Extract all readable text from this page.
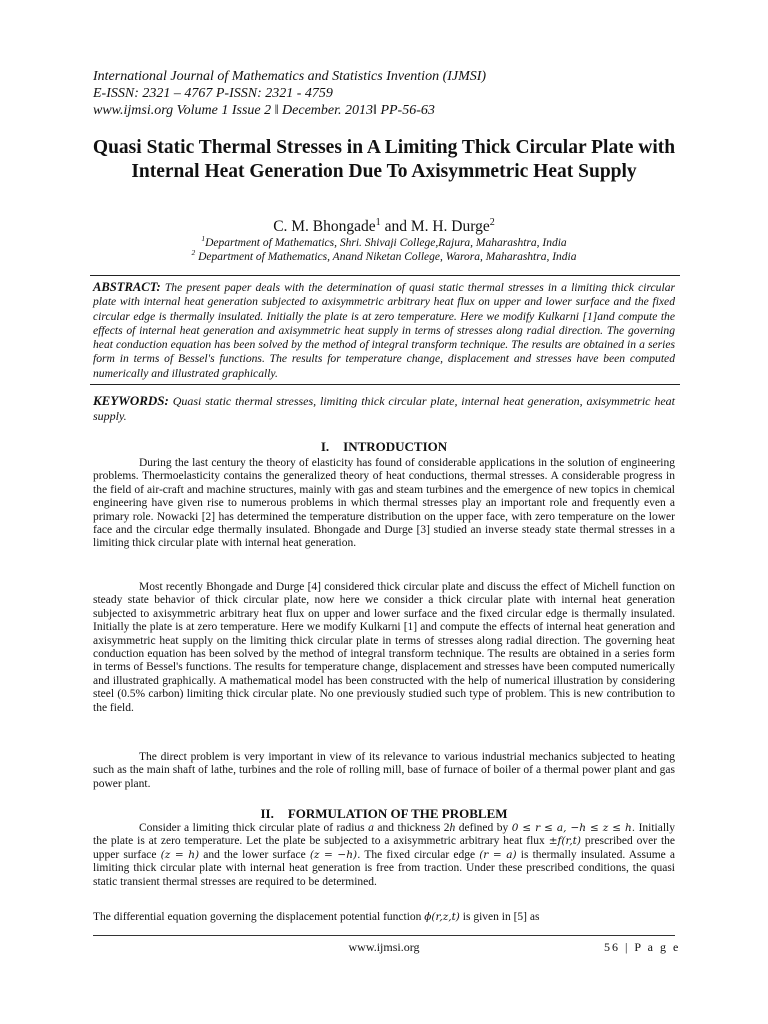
International Journal of Mathematics and Statistics Invention (IJMSI)
E-ISSN: 2321 – 4767 P-ISSN: 2321 - 4759
www.ijmsi.org Volume 1 Issue 2 ǁ December. 2013ǁ PP-56-63
Quasi Static Thermal Stresses in A Limiting Thick Circular Plate with Internal Heat Generation Due To Axisymmetric Heat Supply
C. M. Bhongade$^1$ and M. H. Durge$^2$
$^1$Department of Mathematics, Shri. Shivaji College,Rajura, Maharashtra, India
$^2$ Department of Mathematics, Anand Niketan College, Warora, Maharashtra, India
ABSTRACT: The present paper deals with the determination of quasi static thermal stresses in a limiting thick circular plate with internal heat generation subjected to axisymmetric arbitrary heat flux on upper and lower surface and the fixed circular edge is thermally insulated. Initially the plate is at zero temperature. Here we modify Kulkarni [1]and compute the effects of internal heat generation and axisymmetric heat supply in terms of stresses along radial direction. The governing heat conduction equation has been solved by the method of integral transform technique. The results are obtained in a series form in terms of Bessel's functions. The results for temperature change, displacement and stresses have been computed numerically and illustrated graphically.
KEYWORDS: Quasi static thermal stresses, limiting thick circular plate, internal heat generation, axisymmetric heat supply.
I. INTRODUCTION
During the last century the theory of elasticity has found of considerable applications in the solution of engineering problems. Thermoelasticity contains the generalized theory of heat conductions, thermal stresses. A considerable progress in the field of air-craft and machine structures, mainly with gas and steam turbines and the emergence of new topics in chemical engineering have given rise to numerous problems in which thermal stresses play an important role and frequently even a primary role. Nowacki [2] has determined the temperature distribution on the upper face, with zero temperature on the lower face and the circular edge thermally insulated. Bhongade and Durge [3] studied an inverse steady state thermal stresses in a limiting thick circular plate with internal heat generation.
Most recently Bhongade and Durge [4] considered thick circular plate and discuss the effect of Michell function on steady state behavior of thick circular plate, now here we consider a thick circular plate with internal heat generation subjected to axisymmetric arbitrary heat flux on upper and lower surface and the fixed circular edge is thermally insulated. Initially the plate is at zero temperature. Here we modify Kulkarni [1] and compute the effects of internal heat generation and axisymmetric heat supply on the limiting thick circular plate in terms of stresses along radial direction. The governing heat conduction equation has been solved by the method of integral transform technique. The results are obtained in a series form in terms of Bessel's functions. The results for temperature change, displacement and stresses have been computed numerically and illustrated graphically. A mathematical model has been constructed with the help of numerical illustration by considering steel (0.5% carbon) limiting thick circular plate. No one previously studied such type of problem. This is new contribution to the field.
The direct problem is very important in view of its relevance to various industrial mechanics subjected to heating such as the main shaft of lathe, turbines and the role of rolling mill, base of furnace of boiler of a thermal power plant and gas power plant.
II. FORMULATION OF THE PROBLEM
Consider a limiting thick circular plate of radius a and thickness 2h defined by 0 ≤ r ≤ a, −h ≤ z ≤ h. Initially the plate is at zero temperature. Let the plate be subjected to a axisymmetric arbitrary heat flux ±f(r,t) prescribed over the upper surface (z = h) and the lower surface (z = −h). The fixed circular edge (r = a) is thermally insulated. Assume a limiting thick circular plate with internal heat generation is free from traction. Under these prescribed conditions, the quasi static transient thermal stresses are required to be determined.
The differential equation governing the displacement potential function ϕ(r,z,t) is given in [5] as
www.ijmsi.org	56 | P a g e
